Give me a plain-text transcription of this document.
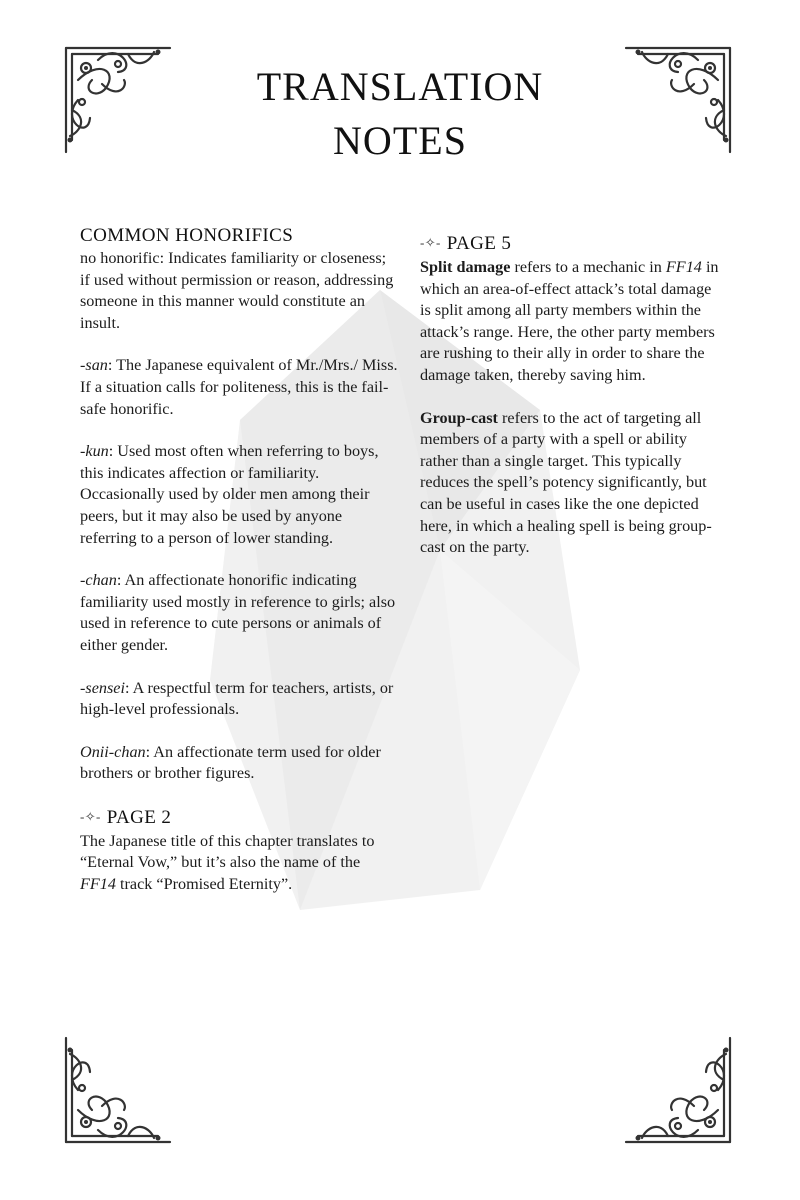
TRANSLATION
NOTES
COMMON HONORIFICS

no honorific: Indicates familiarity or closeness; if used without permission or reason, addressing someone in this manner would constitute an insult.

-san: The Japanese equivalent of Mr./Mrs./ Miss. If a situation calls for politeness, this is the fail-safe honorific.

-kun: Used most often when referring to boys, this indicates affection or familiarity. Occasionally used by older men among their peers, but it may also be used by anyone referring to a person of lower standing.

-chan: An affectionate honorific indicating familiarity used mostly in reference to girls; also used in reference to cute persons or animals of either gender.

-sensei: A respectful term for teachers, artists, or high-level professionals.

Onii-chan: An affectionate term used for older brothers or brother figures.

-✧- PAGE 2

The Japanese title of this chapter translates to “Eternal Vow,” but it’s also the name of the FF14 track “Promised Eternity”.

-✧- PAGE 5

Split damage refers to a mechanic in FF14 in which an area-of-effect attack’s total damage is split among all party members within the attack’s range. Here, the other party members are rushing to their ally in order to share the damage taken, thereby saving him.

Group-cast refers to the act of targeting all members of a party with a spell or ability rather than a single target. This typically reduces the spell’s potency significantly, but can be useful in cases like the one depicted here, in which a healing spell is being group-cast on the party.
